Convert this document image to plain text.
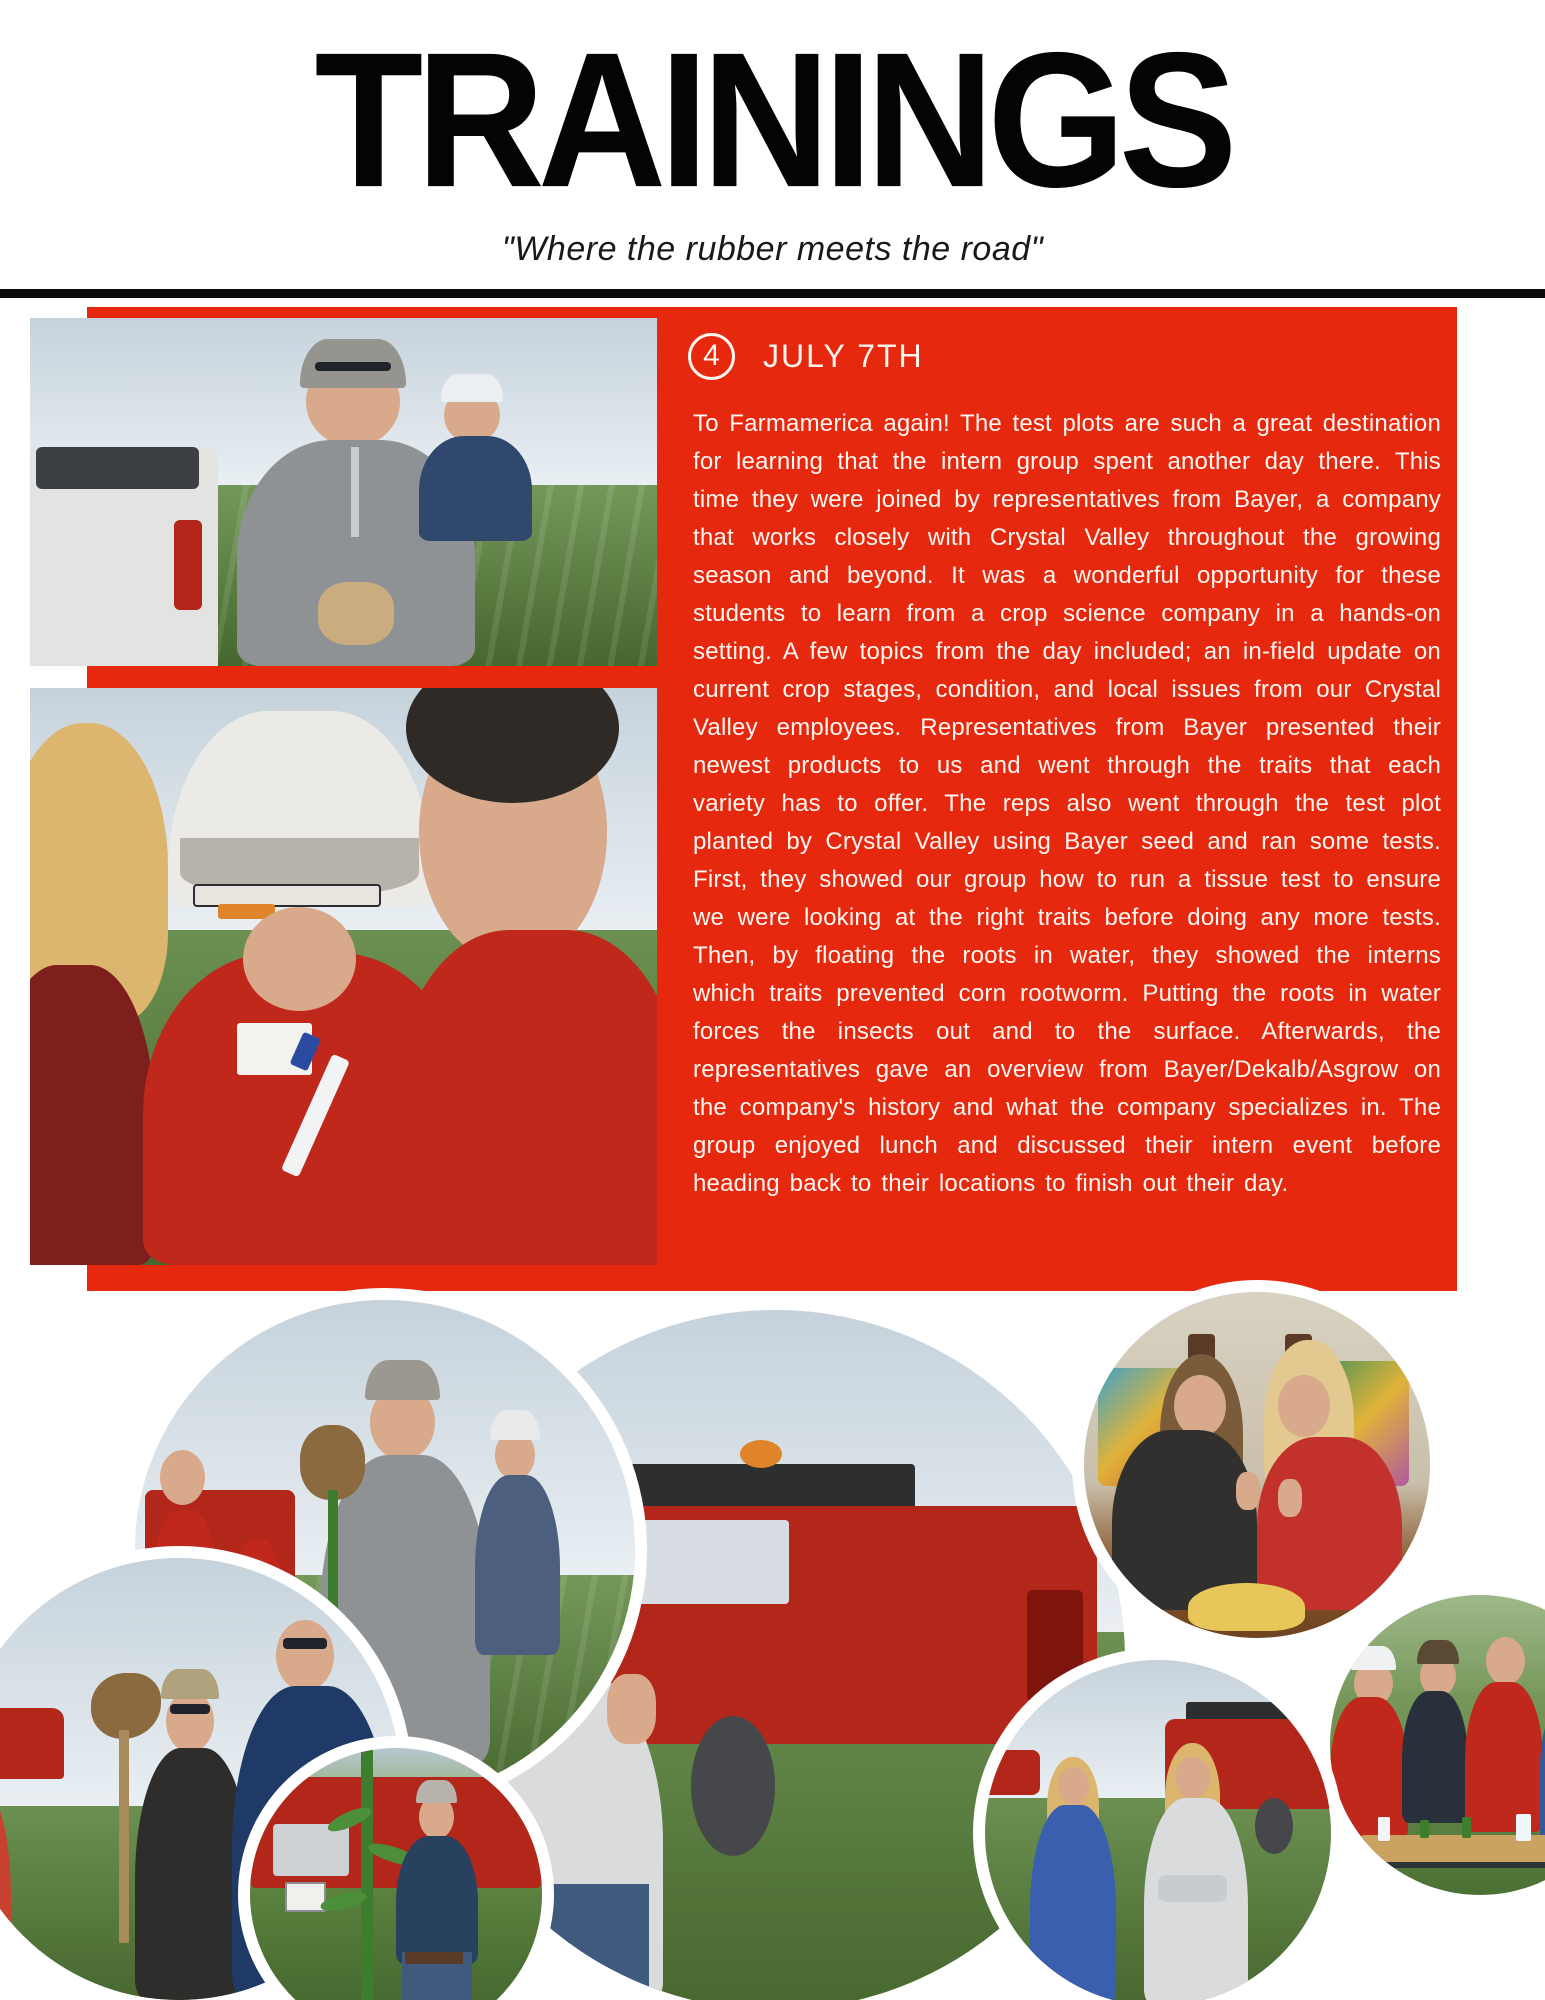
TRAININGS
"Where the rubber meets the road"
4	JULY 7TH

To Farmamerica again! The test plots are such a great destination for learning that the intern group spent another day there. This time they were joined by representatives from Bayer, a company that works closely with Crystal Valley throughout the growing season and beyond. It was a wonderful opportunity for these students to learn from a crop science company in a hands-on setting. A few topics from the day included; an in-field update on current crop stages, condition, and local issues from our Crystal Valley employees. Representatives from Bayer presented their newest products to us and went through the traits that each variety has to offer. The reps also went through the test plot planted by Crystal Valley using Bayer seed and ran some tests. First, they showed our group how to run a tissue test to ensure we were looking at the right traits before doing any more tests. Then, by floating the roots in water, they showed the interns which traits prevented corn rootworm. Putting the roots in water forces the insects out and to the surface. Afterwards, the representatives gave an overview from Bayer/Dekalb/Asgrow on the company's history and what the company specializes in. The group enjoyed lunch and discussed their intern event before heading back to their locations to finish out their day.
